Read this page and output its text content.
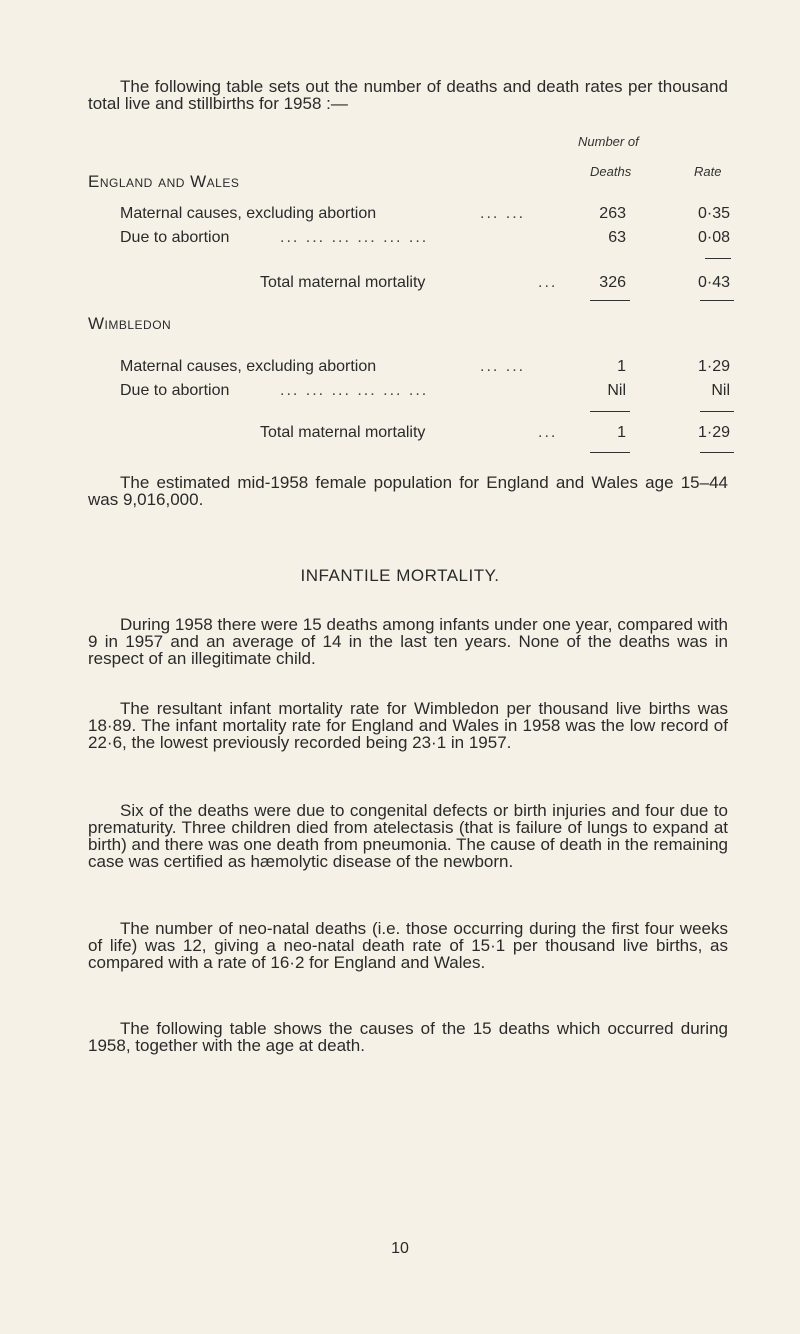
The following table sets out the number of deaths and death rates per thousand total live and stillbirths for 1958 :—

Number of
Deaths	Rate
England and Wales
Maternal causes, excluding abortion	... ...	263	0·35
Due to abortion	... ... ... ... ... ...	63	0·08
Total maternal mortality	...	326	0·43
Wimbledon
Maternal causes, excluding abortion	... ...	1	1·29
Due to abortion	... ... ... ... ... ...	Nil	Nil
Total maternal mortality	...	1	1·29

The estimated mid-1958 female population for England and Wales age 15–44 was 9,016,000.

INFANTILE MORTALITY.

During 1958 there were 15 deaths among infants under one year, compared with 9 in 1957 and an average of 14 in the last ten years. None of the deaths was in respect of an illegitimate child.

The resultant infant mortality rate for Wimbledon per thousand live births was 18·89. The infant mortality rate for England and Wales in 1958 was the low record of 22·6, the lowest previously recorded being 23·1 in 1957.

Six of the deaths were due to congenital defects or birth injuries and four due to prematurity. Three children died from atelectasis (that is failure of lungs to expand at birth) and there was one death from pneumonia. The cause of death in the remaining case was certified as hæmolytic disease of the newborn.

The number of neo-natal deaths (i.e. those occurring during the first four weeks of life) was 12, giving a neo-natal death rate of 15·1 per thousand live births, as compared with a rate of 16·2 for England and Wales.

The following table shows the causes of the 15 deaths which occurred during 1958, together with the age at death.

10
